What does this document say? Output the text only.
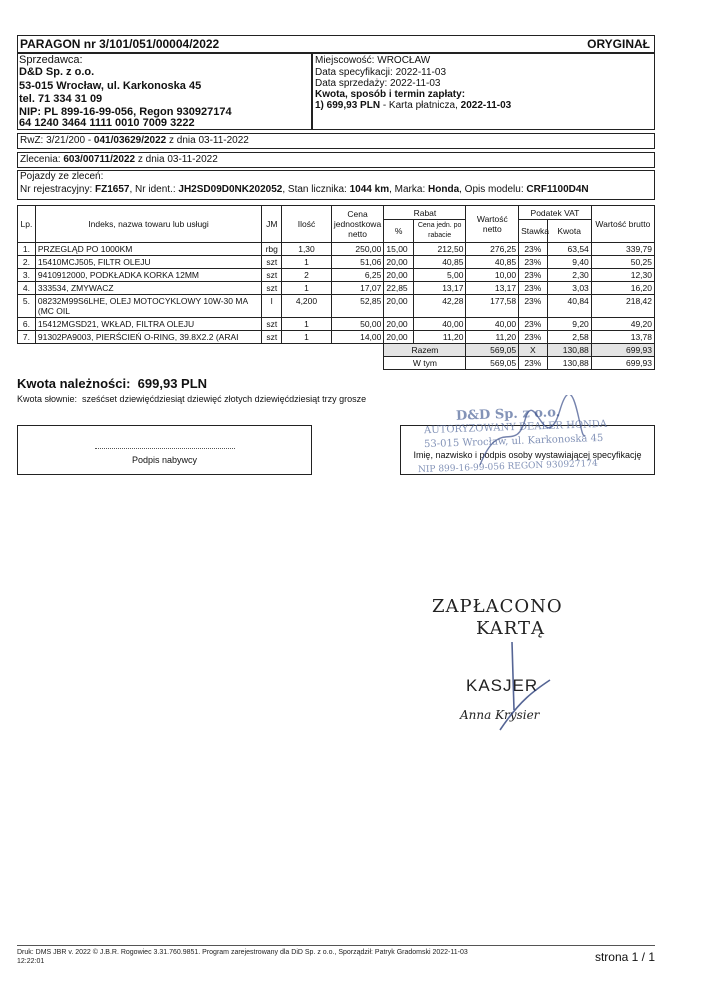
PARAGON nr 3/101/051/00004/2022	ORYGINAŁ
Sprzedawca:
D&D Sp. z o.o.
53-015 Wrocław, ul. Karkonoska 45
tel. 71 334 31 09
NIP: PL 899-16-99-056, Regon 930927174
64 1240 3464 1111 0010 7009 3222
Miejscowość: WROCŁAW
Data specyfikacji: 2022-11-03
Data sprzedaży: 2022-11-03
Kwota, sposób i termin zapłaty:
1) 699,93 PLN - Karta płatnicza, 2022-11-03
RwZ: 3/21/200 - 041/03629/2022 z dnia 03-11-2022
Zlecenia: 603/00711/2022 z dnia 03-11-2022
Pojazdy ze zleceń:
Nr rejestracyjny: FZ1657, Nr ident.: JH2SD09D0NK202052, Stan licznika: 1044 km, Marka: Honda, Opis modelu: CRF1100D4N
Lp.	Indeks, nazwa towaru lub usługi	JM	Ilość	Cena jednostkowa netto	Rabat		Wartość netto	Podatek VAT		Wartość brutto
					%	Cena jedn. po rabacie		Stawka	Kwota	
1.	PRZEGLĄD PO 1000KM	rbg	1,30	250,00	15,00	212,50	276,25	23%	63,54	339,79
2.	15410MCJ505, FILTR OLEJU	szt	1	51,06	20,00	40,85	40,85	23%	9,40	50,25
3.	9410912000, PODKŁADKA KORKA 12MM	szt	2	6,25	20,00	5,00	10,00	23%	2,30	12,30
4.	333534, ZMYWACZ	szt	1	17,07	22,85	13,17	13,17	23%	3,03	16,20
5.	08232M99S6LHE, OLEJ MOTOCYKLOWY 10W-30 MA (MC OIL	l	4,200	52,85	20,00	42,28	177,58	23%	40,84	218,42
6.	15412MGSD21, WKŁAD, FILTRA OLEJU	szt	1	50,00	20,00	40,00	40,00	23%	9,20	49,20
7.	91302PA9003, PIERŚCIEŃ O-RING, 39.8X2.2 (ARAI	szt	1	14,00	20,00	11,20	11,20	23%	2,58	13,78
					Razem		569,05	X	130,88	699,93
					W tym		569,05	23%	130,88	699,93
Kwota należności: 699,93 PLN
Kwota słownie: sześćset dziewięćdziesiąt dziewięć złotych dziewięćdziesiąt trzy grosze
Podpis nabywcy
D&D Sp. z o.o.
AUTORYZOWANY DEALER HONDA
53-015 Wrocław, ul. Karkonoska 45
Imię, nazwisko i podpis osoby wystawiającej specyfikację
NIP 899-16-99-056 REGON 930927174
ZAPŁACONO
KARTĄ
KASJER
Anna Krysier
Druk: DMS JBR v. 2022 © J.B.R. Rogowiec 3.31.760.9851. Program zarejestrowany dla DiD Sp. z o.o., Sporządził: Patryk Gradomski 2022-11-03
12:22:01	strona 1 / 1
